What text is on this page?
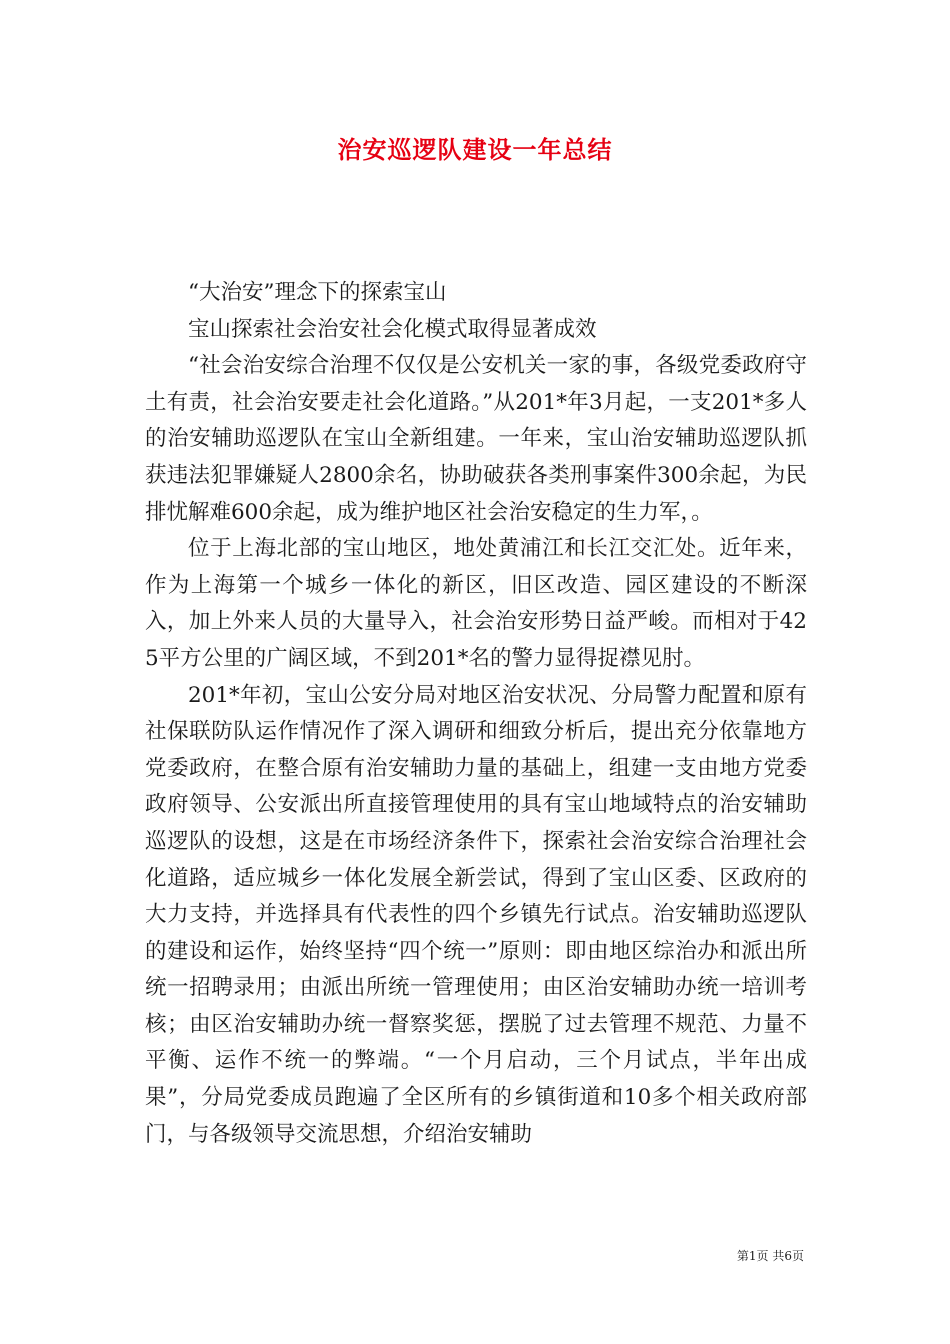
治安巡逻队建设一年总结

“大治安”理念下的探索宝山

宝山探索社会治安社会化模式取得显著成效

“社会治安综合治理不仅仅是公安机关一家的事，各级党委政府守土有责，社会治安要走社会化道路。”从201*年3月起，一支201*多人的治安辅助巡逻队在宝山全新组建。一年来，宝山治安辅助巡逻队抓获违法犯罪嫌疑人2800余名，协助破获各类刑事案件300余起，为民排忧解难600余起，成为维护地区社会治安稳定的生力军，。

位于上海北部的宝山地区，地处黄浦江和长江交汇处。近年来，作为上海第一个城乡一体化的新区，旧区改造、园区建设的不断深入，加上外来人员的大量导入，社会治安形势日益严峻。而相对于425平方公里的广阔区域，不到201*名的警力显得捉襟见肘。

201*年初，宝山公安分局对地区治安状况、分局警力配置和原有社保联防队运作情况作了深入调研和细致分析后，提出充分依靠地方党委政府，在整合原有治安辅助力量的基础上，组建一支由地方党委政府领导、公安派出所直接管理使用的具有宝山地域特点的治安辅助巡逻队的设想，这是在市场经济条件下，探索社会治安综合治理社会化道路，适应城乡一体化发展全新尝试，得到了宝山区委、区政府的大力支持，并选择具有代表性的四个乡镇先行试点。治安辅助巡逻队的建设和运作，始终坚持“四个统一”原则：即由地区综治办和派出所统一招聘录用；由派出所统一管理使用；由区治安辅助办统一培训考核；由区治安辅助办统一督察奖惩，摆脱了过去管理不规范、力量不平衡、运作不统一的弊端。“一个月启动，三个月试点，半年出成果”，分局党委成员跑遍了全区所有的乡镇街道和10多个相关政府部门，与各级领导交流思想，介绍治安辅助

第1页 共6页
